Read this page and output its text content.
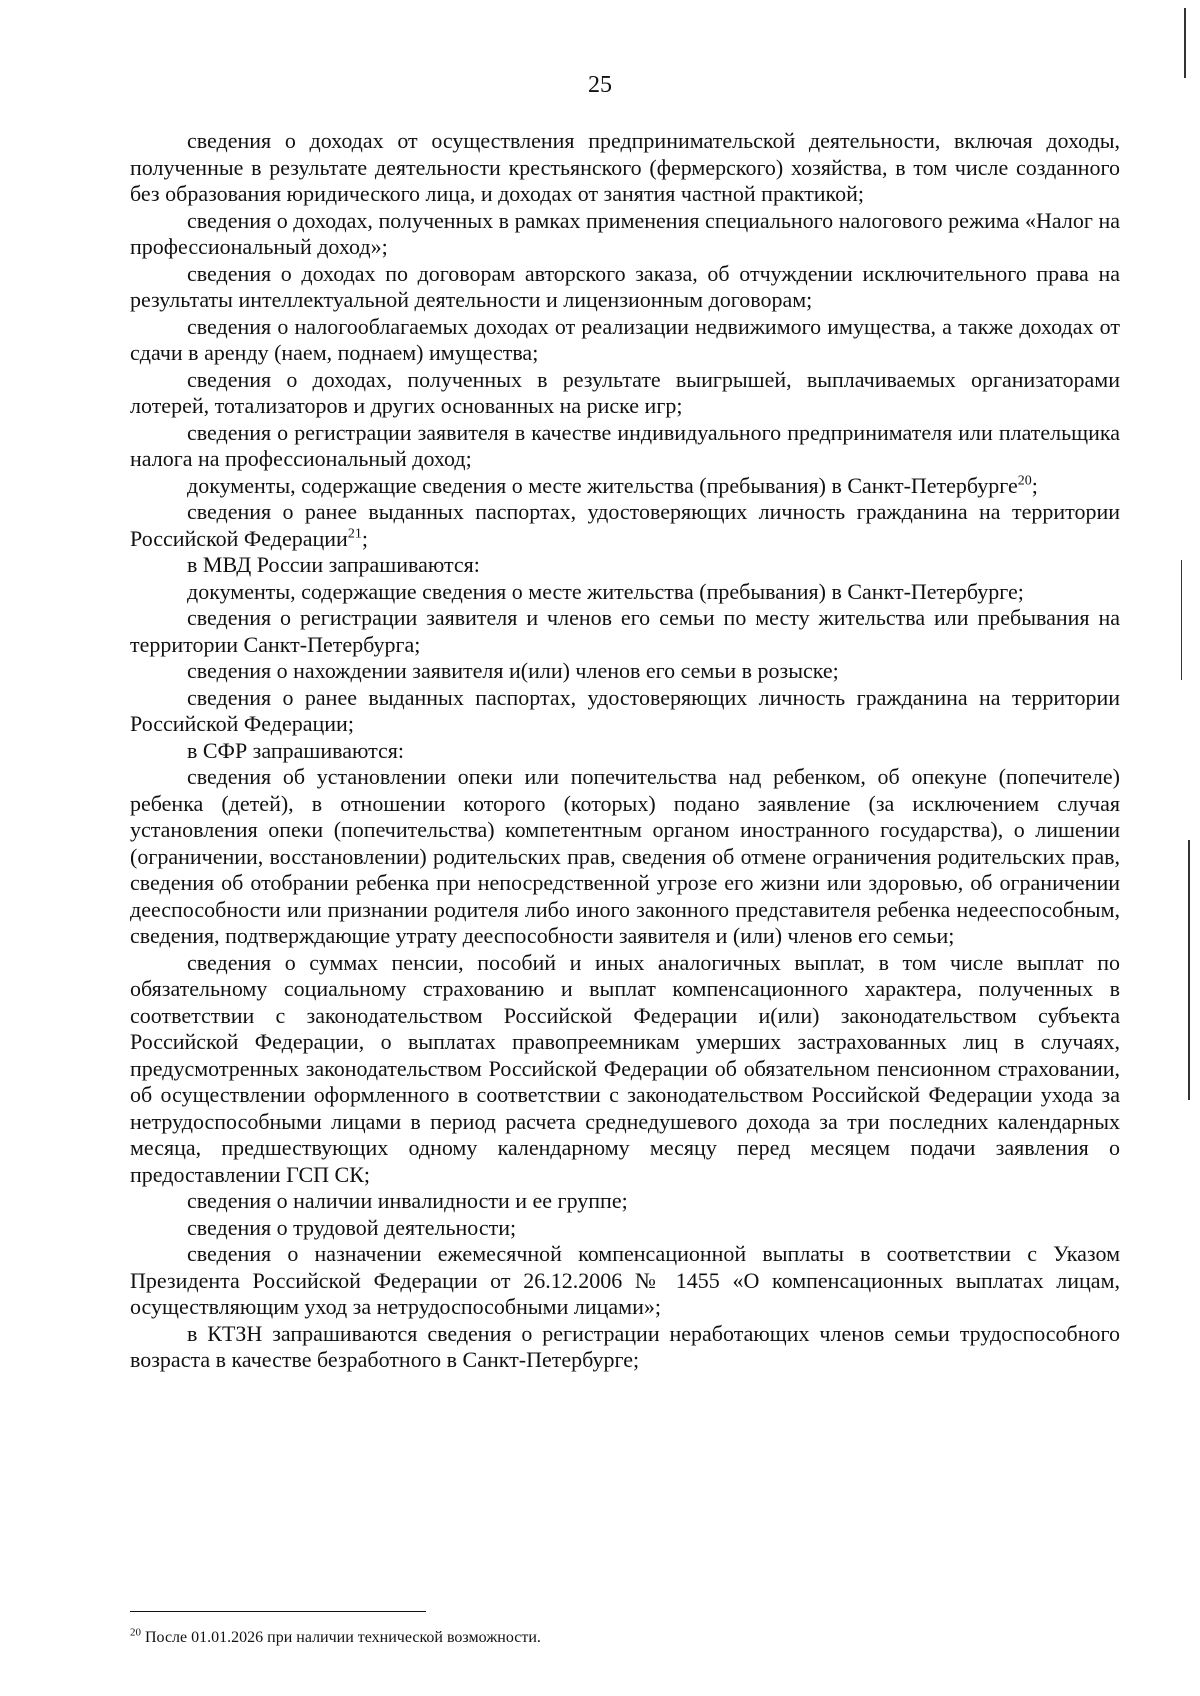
25

сведения о доходах от осуществления предпринимательской деятельности, включая доходы, полученные в результате деятельности крестьянского (фермерского) хозяйства, в том числе созданного без образования юридического лица, и доходах от занятия частной практикой;

сведения о доходах, полученных в рамках применения специального налогового режима «Налог на профессиональный доход»;

сведения о доходах по договорам авторского заказа, об отчуждении исключительного права на результаты интеллектуальной деятельности и лицензионным договорам;

сведения о налогооблагаемых доходах от реализации недвижимого имущества, а также доходах от сдачи в аренду (наем, поднаем) имущества;

сведения о доходах, полученных в результате выигрышей, выплачиваемых организаторами лотерей, тотализаторов и других основанных на риске игр;

сведения о регистрации заявителя в качестве индивидуального предпринимателя или плательщика налога на профессиональный доход;

документы, содержащие сведения о месте жительства (пребывания) в Санкт-Петербурге$^{20}$;

сведения о ранее выданных паспортах, удостоверяющих личность гражданина на территории Российской Федерации$^{21}$;

в МВД России запрашиваются:

документы, содержащие сведения о месте жительства (пребывания) в Санкт-Петербурге;

сведения о регистрации заявителя и членов его семьи по месту жительства или пребывания на территории Санкт-Петербурга;

сведения о нахождении заявителя и(или) членов его семьи в розыске;

сведения о ранее выданных паспортах, удостоверяющих личность гражданина на территории Российской Федерации;

в СФР запрашиваются:

сведения об установлении опеки или попечительства над ребенком, об опекуне (попечителе) ребенка (детей), в отношении которого (которых) подано заявление (за исключением случая установления опеки (попечительства) компетентным органом иностранного государства), о лишении (ограничении, восстановлении) родительских прав, сведения об отмене ограничения родительских прав, сведения об отобрании ребенка при непосредственной угрозе его жизни или здоровью, об ограничении дееспособности или признании родителя либо иного законного представителя ребенка недееспособным, сведения, подтверждающие утрату дееспособности заявителя и (или) членов его семьи;

сведения о суммах пенсии, пособий и иных аналогичных выплат, в том числе выплат по обязательному социальному страхованию и выплат компенсационного характера, полученных в соответствии с законодательством Российской Федерации и(или) законодательством субъекта Российской Федерации, о выплатах правопреемникам умерших застрахованных лиц в случаях, предусмотренных законодательством Российской Федерации об обязательном пенсионном страховании, об осуществлении оформленного в соответствии с законодательством Российской Федерации ухода за нетрудоспособными лицами в период расчета среднедушевого дохода за три последних календарных месяца, предшествующих одному календарному месяцу перед месяцем подачи заявления о предоставлении ГСП СК;

сведения о наличии инвалидности и ее группе;

сведения о трудовой деятельности;

сведения о назначении ежемесячной компенсационной выплаты в соответствии с Указом Президента Российской Федерации от 26.12.2006 № 1455 «О компенсационных выплатах лицам, осуществляющим уход за нетрудоспособными лицами»;

в КТЗН запрашиваются сведения о регистрации неработающих членов семьи трудоспособного возраста в качестве безработного в Санкт-Петербурге;

$^{20}$ После 01.01.2026 при наличии технической возможности.
